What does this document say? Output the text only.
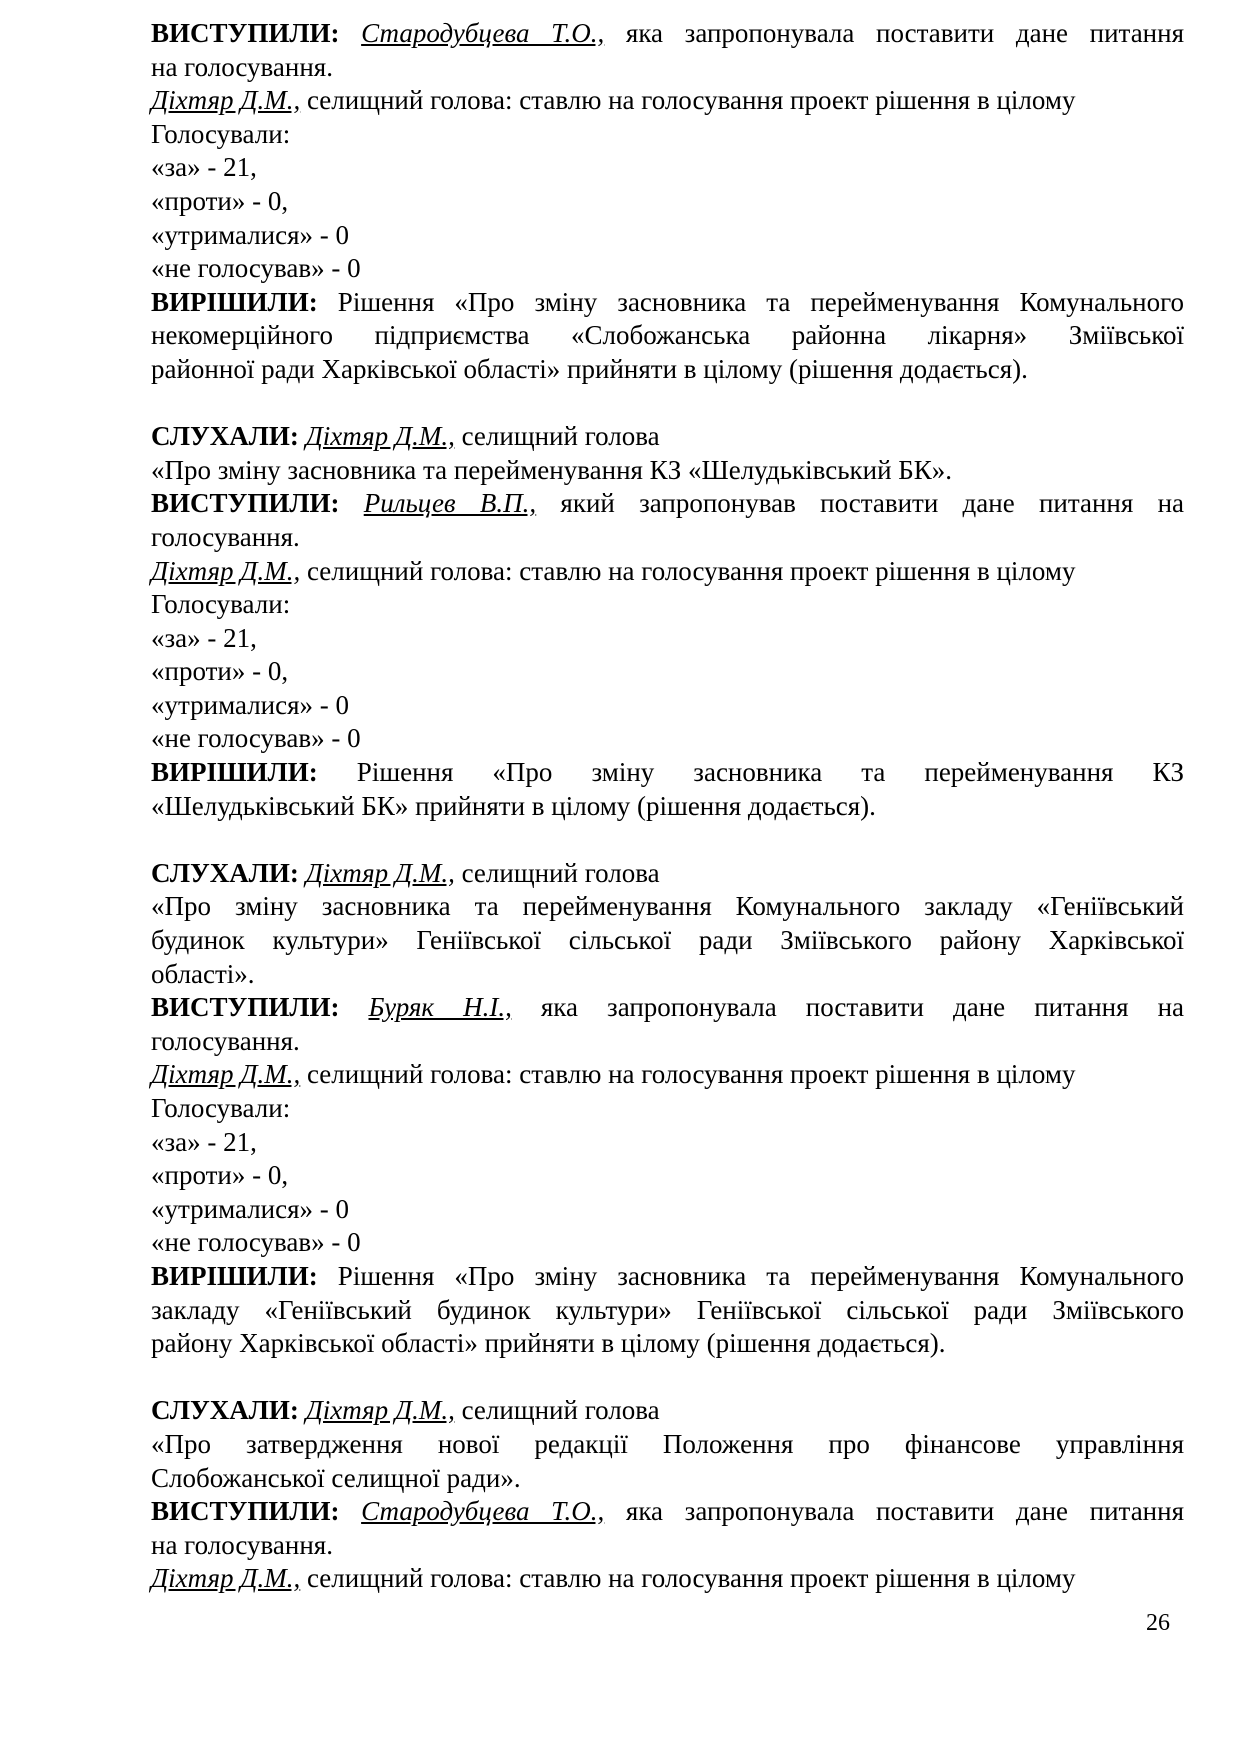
ВИСТУПИЛИ: Стародубцева Т.О., яка запропонувала поставити дане питання
на голосування.
Діхтяр Д.М., селищний голова: ставлю на голосування проект рішення в цілому
Голосували:
«за» - 21,
«проти» - 0,
«утрималися» - 0
«не голосував» - 0
ВИРІШИЛИ: Рішення «Про зміну засновника та перейменування Комунального
некомерційного підприємства «Слобожанська районна лікарня» Зміївської
районної ради Харківської області» прийняти в цілому (рішення додається).
СЛУХАЛИ: Діхтяр Д.М., селищний голова
«Про зміну засновника та перейменування КЗ «Шелудьківський БК».
ВИСТУПИЛИ: Рильцев В.П., який запропонував поставити дане питання на
голосування.
Діхтяр Д.М., селищний голова: ставлю на голосування проект рішення в цілому
Голосували:
«за» - 21,
«проти» - 0,
«утрималися» - 0
«не голосував» - 0
ВИРІШИЛИ: Рішення «Про зміну засновника та перейменування КЗ
«Шелудьківський БК» прийняти в цілому (рішення додається).
СЛУХАЛИ: Діхтяр Д.М., селищний голова
«Про зміну засновника та перейменування Комунального закладу «Геніївський
будинок культури» Геніївської сільської ради Зміївського району Харківської
області».
ВИСТУПИЛИ: Буряк Н.І., яка запропонувала поставити дане питання на
голосування.
Діхтяр Д.М., селищний голова: ставлю на голосування проект рішення в цілому
Голосували:
«за» - 21,
«проти» - 0,
«утрималися» - 0
«не голосував» - 0
ВИРІШИЛИ: Рішення «Про зміну засновника та перейменування Комунального
закладу «Геніївський будинок культури» Геніївської сільської ради Зміївського
району Харківської області» прийняти в цілому (рішення додається).
СЛУХАЛИ: Діхтяр Д.М., селищний голова
«Про затвердження нової редакції Положення про фінансове управління
Слобожанської селищної ради».
ВИСТУПИЛИ: Стародубцева Т.О., яка запропонувала поставити дане питання
на голосування.
Діхтяр Д.М., селищний голова: ставлю на голосування проект рішення в цілому
26
